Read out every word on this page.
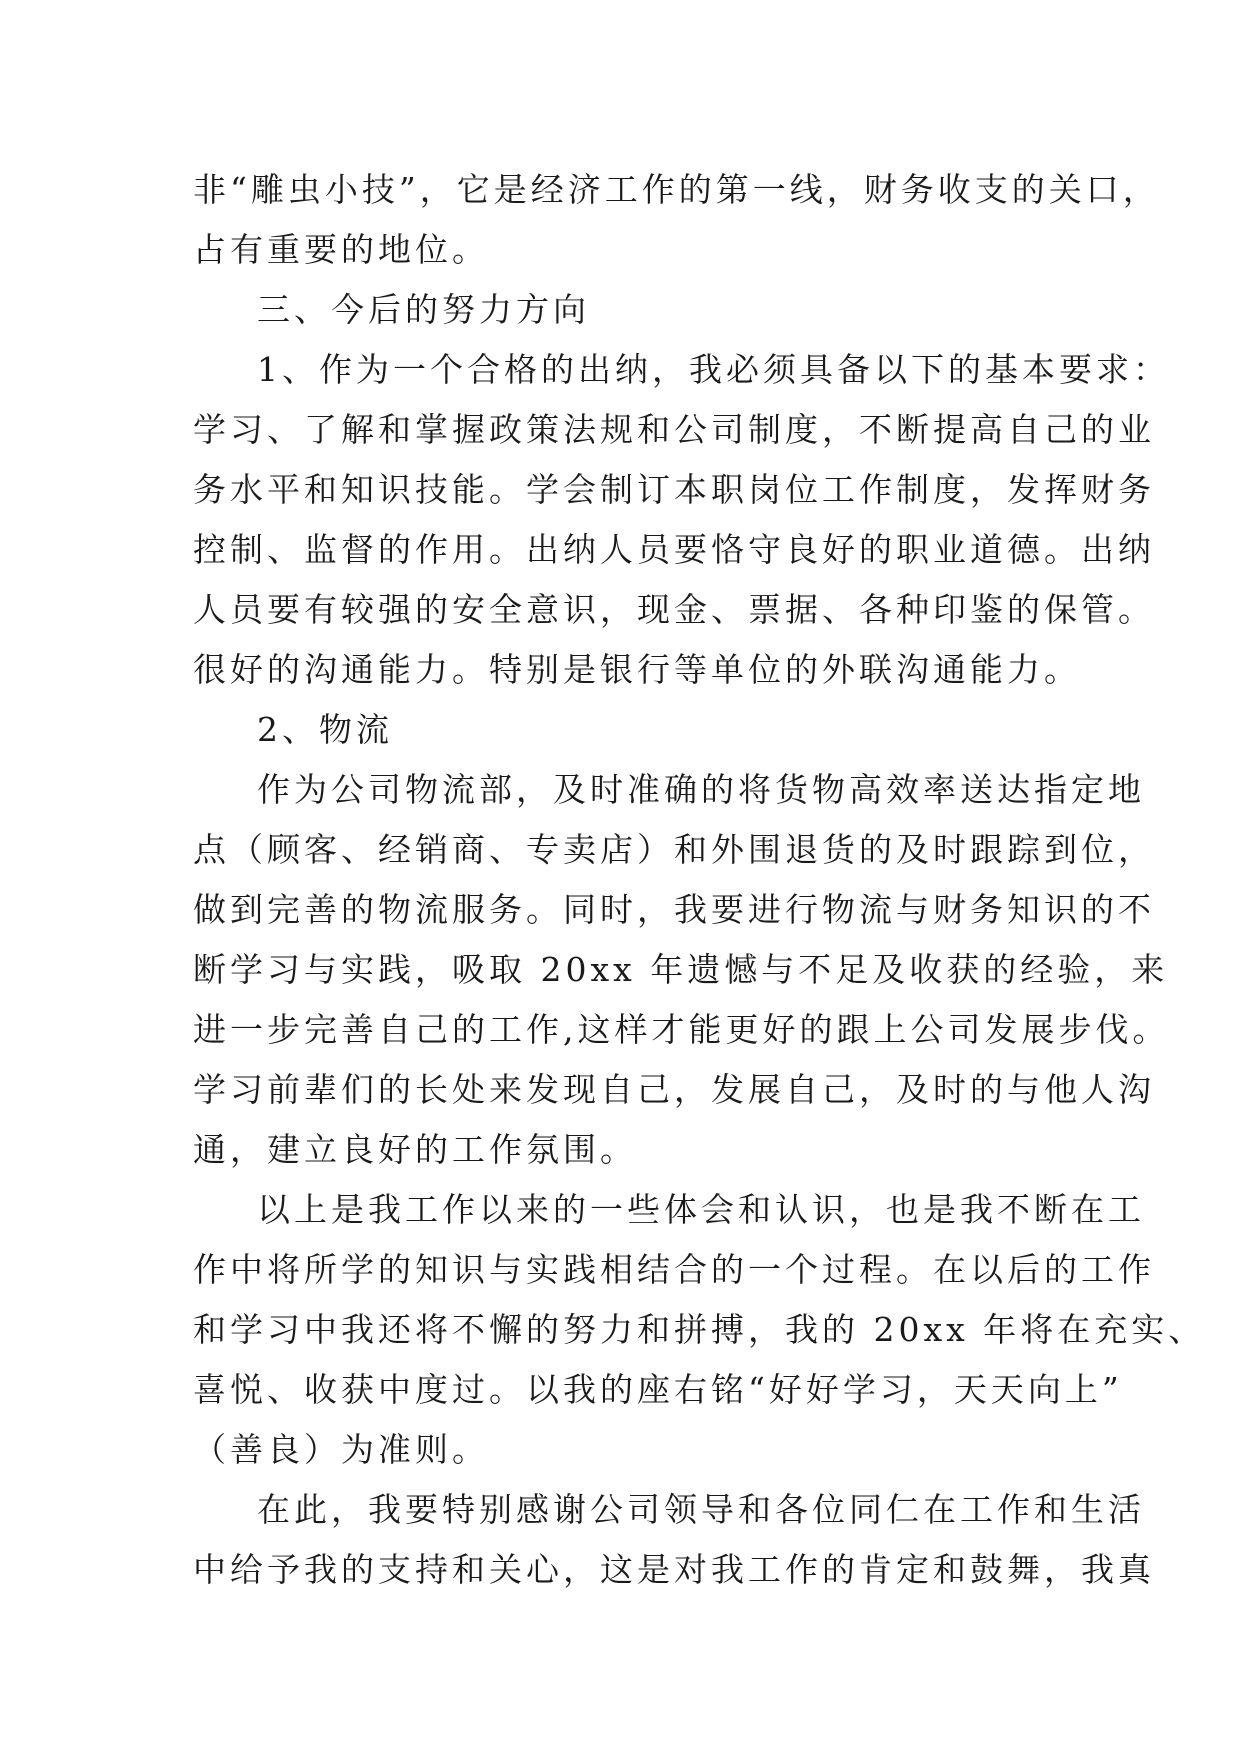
非“雕虫小技”，它是经济工作的第一线，财务收支的关口，
占有重要的地位。
三、今后的努力方向
1、作为一个合格的出纳，我必须具备以下的基本要求：
学习、了解和掌握政策法规和公司制度，不断提高自己的业
务水平和知识技能。学会制订本职岗位工作制度，发挥财务
控制、监督的作用。出纳人员要恪守良好的职业道德。出纳
人员要有较强的安全意识，现金、票据、各种印鉴的保管。
很好的沟通能力。特别是银行等单位的外联沟通能力。
2、物流
作为公司物流部，及时准确的将货物高效率送达指定地
点（顾客、经销商、专卖店）和外围退货的及时跟踪到位，
做到完善的物流服务。同时，我要进行物流与财务知识的不
断学习与实践，吸取 20xx 年遗憾与不足及收获的经验，来
进一步完善自己的工作,这样才能更好的跟上公司发展步伐。
学习前辈们的长处来发现自己，发展自己，及时的与他人沟
通，建立良好的工作氛围。
以上是我工作以来的一些体会和认识，也是我不断在工
作中将所学的知识与实践相结合的一个过程。在以后的工作
和学习中我还将不懈的努力和拼搏，我的 20xx 年将在充实、
喜悦、收获中度过。以我的座右铭“好好学习，天天向上”
（善良）为准则。
在此，我要特别感谢公司领导和各位同仁在工作和生活
中给予我的支持和关心，这是对我工作的肯定和鼓舞，我真
